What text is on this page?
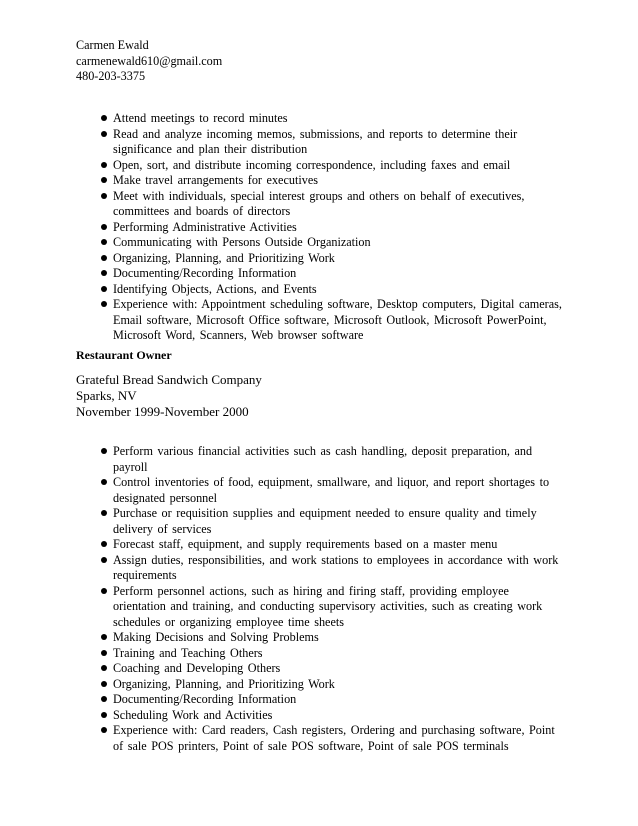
Carmen Ewald
carmenewald610@gmail.com
480-203-3375
Attend meetings to record minutes
Read and analyze incoming memos, submissions, and reports to determine their significance and plan their distribution
Open, sort, and distribute incoming correspondence, including faxes and email
Make travel arrangements for executives
Meet with individuals, special interest groups and others on behalf of executives, committees and boards of directors
Performing Administrative Activities
Communicating with Persons Outside Organization
Organizing, Planning, and Prioritizing Work
Documenting/Recording Information
Identifying Objects, Actions, and Events
Experience with: Appointment scheduling software, Desktop computers, Digital cameras, Email software, Microsoft Office software, Microsoft Outlook, Microsoft PowerPoint, Microsoft Word, Scanners, Web browser software
Restaurant Owner
Grateful Bread Sandwich Company
Sparks, NV
November 1999-November 2000
Perform various financial activities such as cash handling, deposit preparation, and payroll
Control inventories of food, equipment, smallware, and liquor, and report shortages to designated personnel
Purchase or requisition supplies and equipment needed to ensure quality and timely delivery of services
Forecast staff, equipment, and supply requirements based on a master menu
Assign duties, responsibilities, and work stations to employees in accordance with work requirements
Perform personnel actions, such as hiring and firing staff, providing employee orientation and training, and conducting supervisory activities, such as creating work schedules or organizing employee time sheets
Making Decisions and Solving Problems
Training and Teaching Others
Coaching and Developing Others
Organizing, Planning, and Prioritizing Work
Documenting/Recording Information
Scheduling Work and Activities
Experience with: Card readers, Cash registers, Ordering and purchasing software, Point of sale POS printers, Point of sale POS software, Point of sale POS terminals
